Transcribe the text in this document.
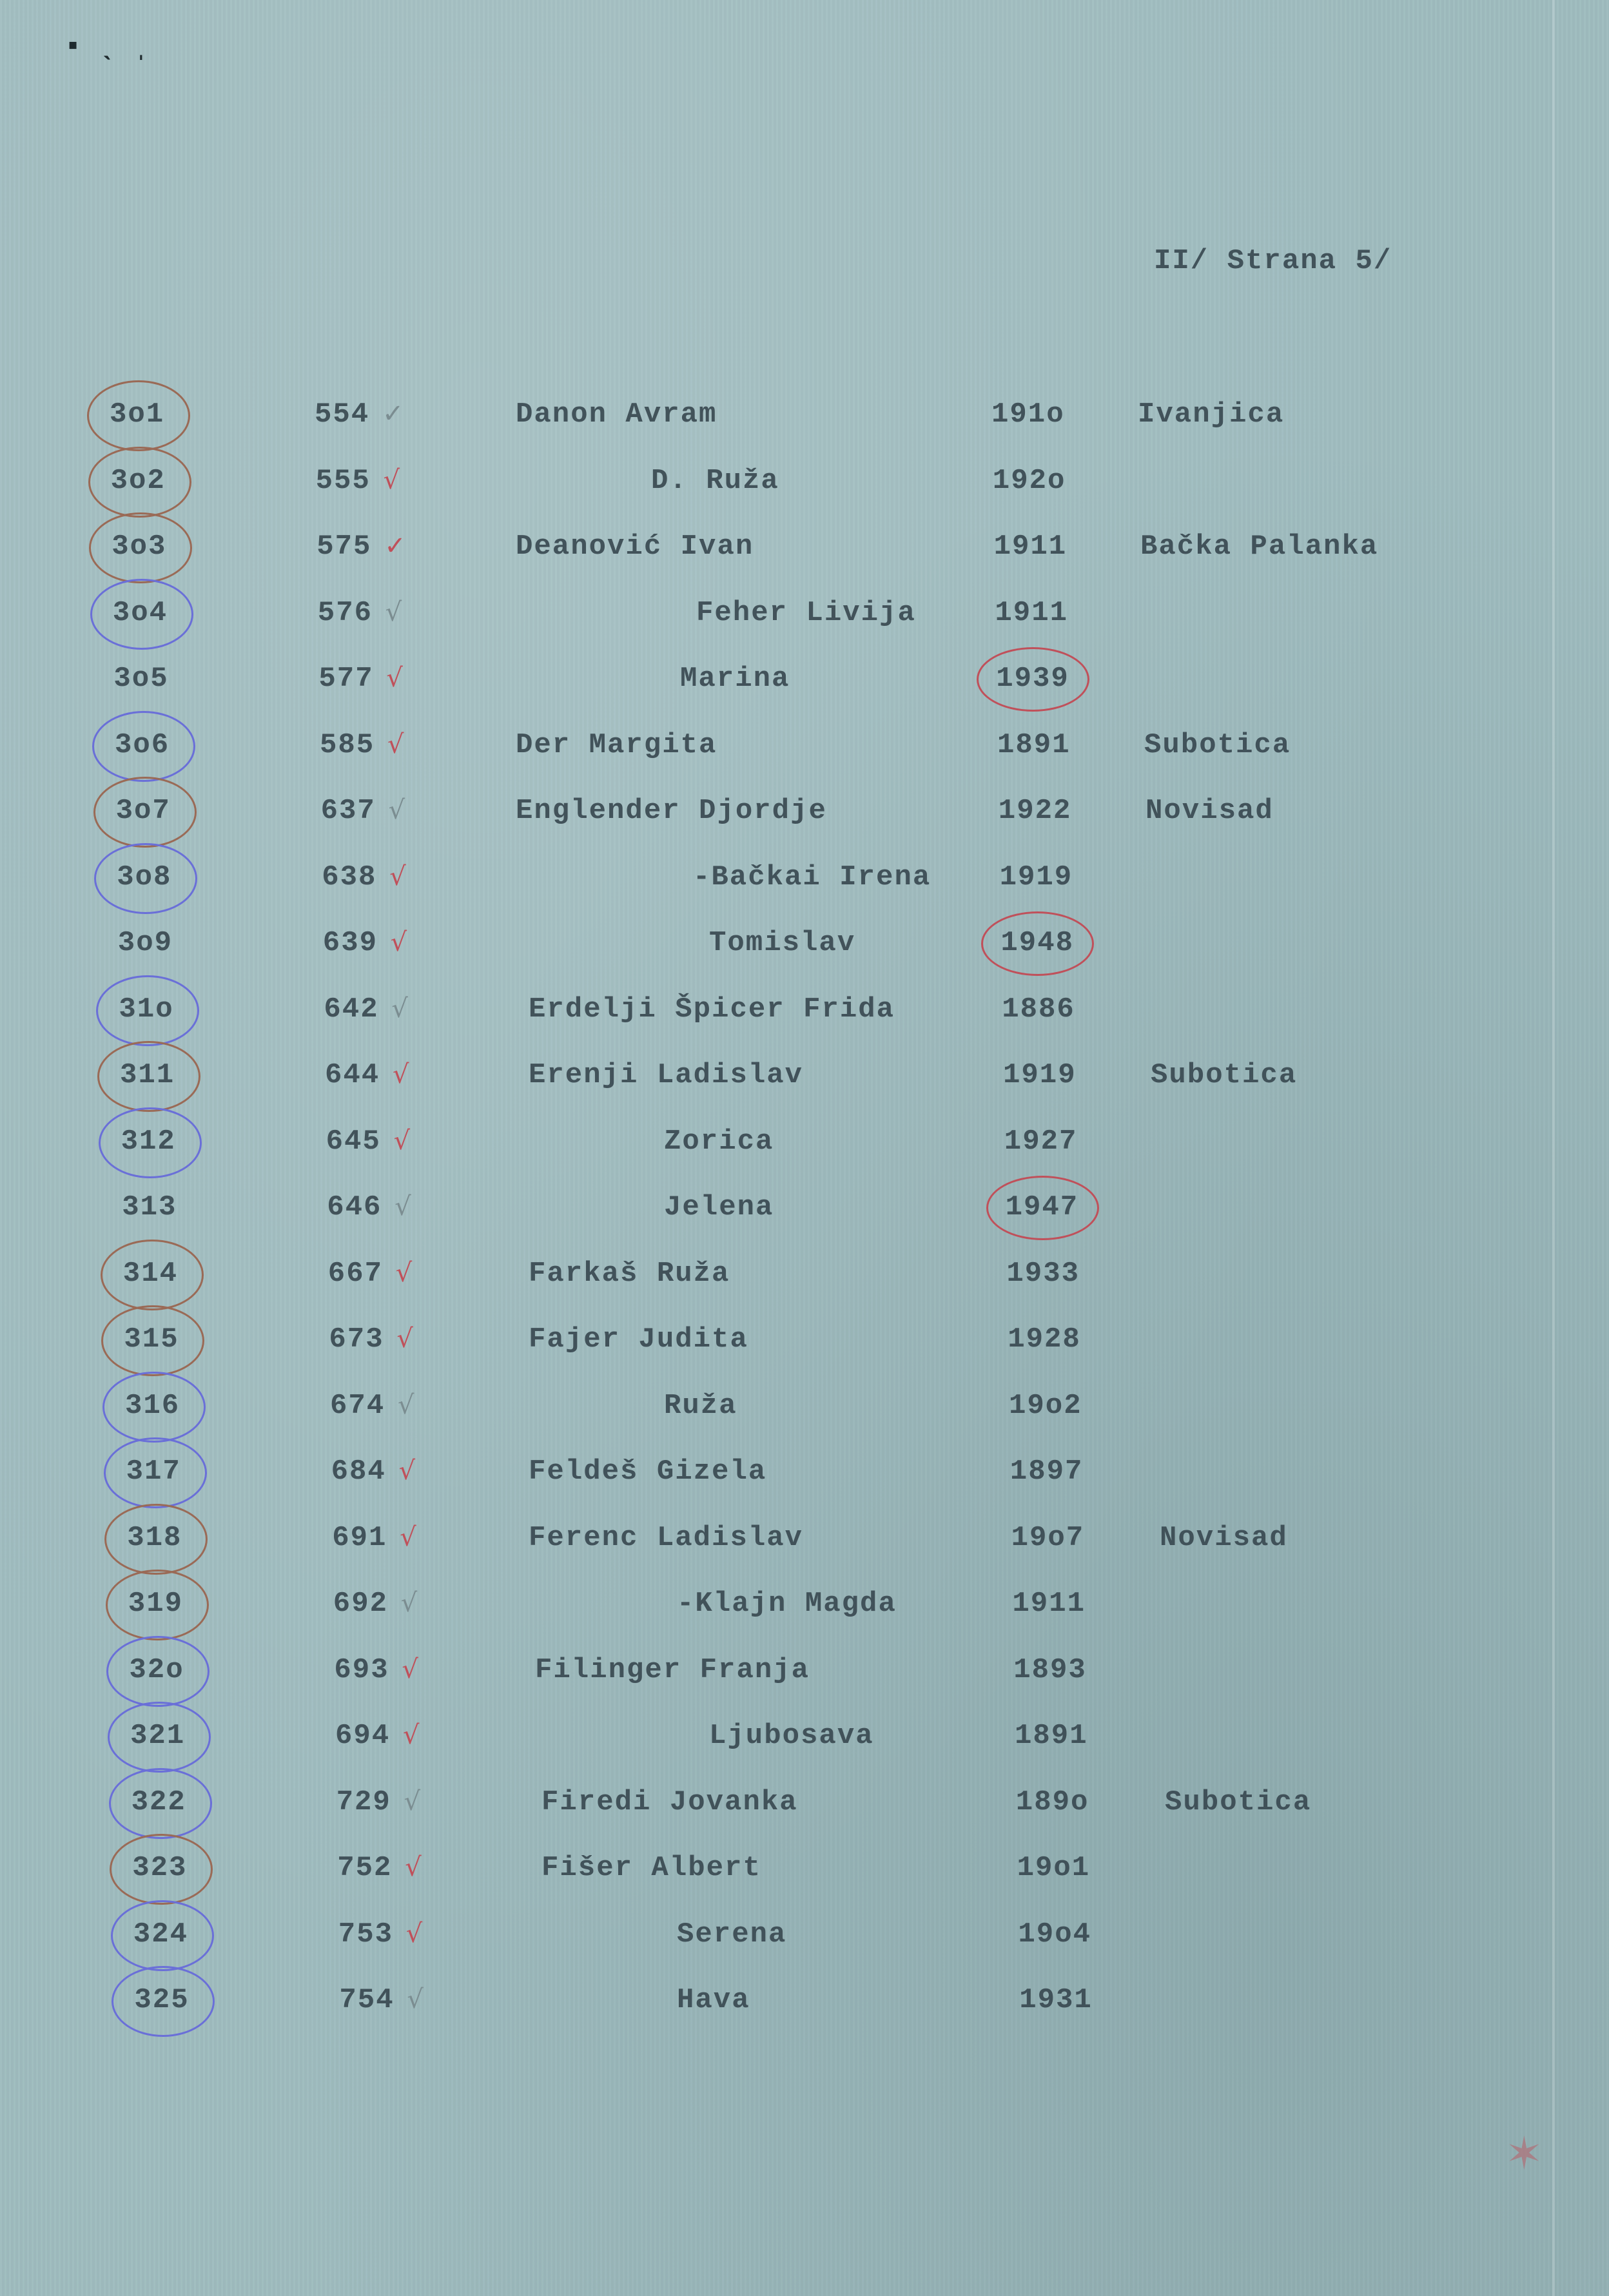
▪ ˎ ˌ
II/ Strana 5/
3o1	554 ✓	Danon Avram	191o	Ivanjica
3o2	555 √	D. Ruža	192o
3o3	575 ✓	Deanović Ivan	1911	Bačka Palanka
3o4	576 √	Feher Livija	1911
3o5	577 √	Marina	1939
3o6	585 √	Der Margita	1891	Subotica
3o7	637 √	Englender Djordje	1922	Novisad
3o8	638 √	-Bačkai Irena 1919
3o9	639 √	Tomislav	1948
31o	642 √	Erdelji Špicer Frida	1886
311	644 √	Erenji Ladislav	1919	Subotica
312	645 √	Zorica	1927
313	646 √	Jelena	1947
314	667 √	Farkaš Ruža	1933
315	673 √	Fajer Judita	1928
316	674 √	Ruža	19o2
317	684 √	Feldeš Gizela	1897
318	691 √	Ferenc Ladislav	19o7	Novisad
319	692 √	-Klajn Magda	1911
32o	693 √	Filinger Franja	1893
321	694 √	Ljubosava	1891
322	729 √	Firedi Jovanka	189o	Subotica
323	752 √	Fišer Albert	19o1
324	753 √	Serena	19o4
325	754 √	Hava	1931
✶
